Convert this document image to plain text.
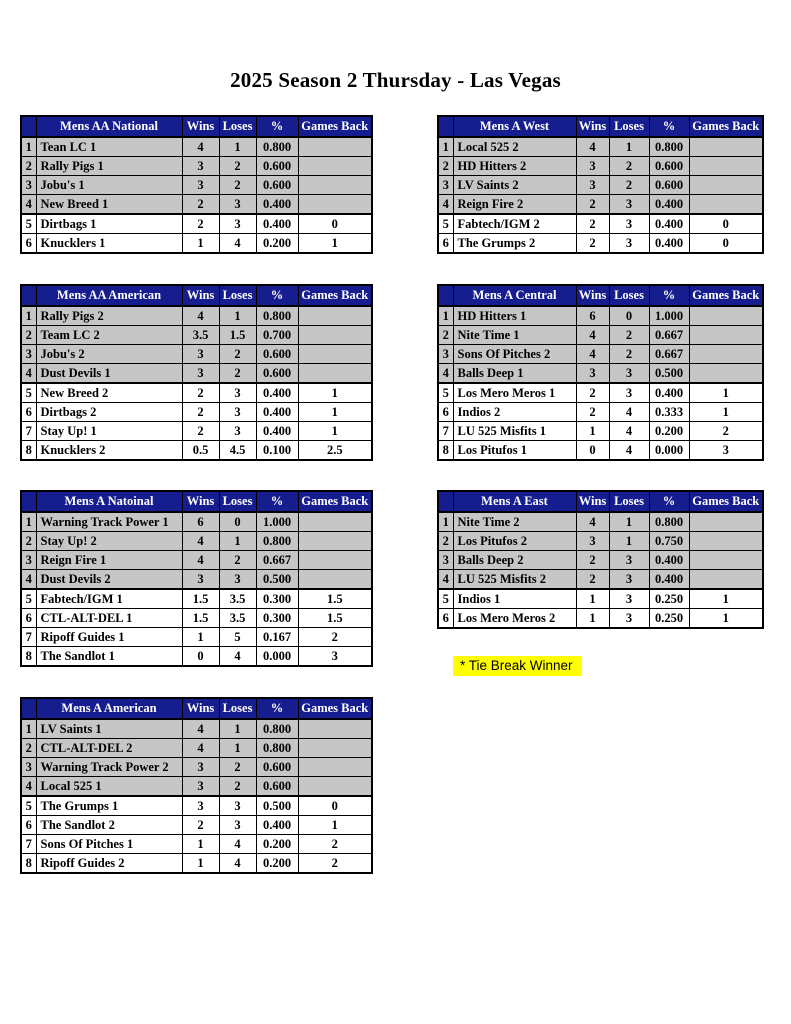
2025 Season 2 Thursday - Las Vegas
	Mens AA National	Wins	Loses	%	Games Back
1	Tean LC 1	4	1	0.800	
2	Rally Pigs 1	3	2	0.600	
3	Jobu's 1	3	2	0.600	
4	New Breed 1	2	3	0.400	
5	Dirtbags 1	2	3	0.400	0
6	Knucklers 1	1	4	0.200	1
	Mens A West	Wins	Loses	%	Games Back
1	Local 525 2	4	1	0.800	
2	HD Hitters 2	3	2	0.600	
3	LV Saints 2	3	2	0.600	
4	Reign Fire 2	2	3	0.400	
5	Fabtech/IGM 2	2	3	0.400	0
6	The Grumps 2	2	3	0.400	0
	Mens AA American	Wins	Loses	%	Games Back
1	Rally Pigs 2	4	1	0.800	
2	Team LC 2	3.5	1.5	0.700	
3	Jobu's 2	3	2	0.600	
4	Dust Devils 1	3	2	0.600	
5	New Breed 2	2	3	0.400	1
6	Dirtbags 2	2	3	0.400	1
7	Stay Up! 1	2	3	0.400	1
8	Knucklers 2	0.5	4.5	0.100	2.5
	Mens A Central	Wins	Loses	%	Games Back
1	HD Hitters 1	6	0	1.000	
2	Nite Time 1	4	2	0.667	
3	Sons Of Pitches 2	4	2	0.667	
4	Balls Deep 1	3	3	0.500	
5	Los Mero Meros 1	2	3	0.400	1
6	Indios 2	2	4	0.333	1
7	LU 525 Misfits 1	1	4	0.200	2
8	Los Pitufos 1	0	4	0.000	3
	Mens A Natoinal	Wins	Loses	%	Games Back
1	Warning Track Power 1	6	0	1.000	
2	Stay Up! 2	4	1	0.800	
3	Reign Fire 1	4	2	0.667	
4	Dust Devils 2	3	3	0.500	
5	Fabtech/IGM 1	1.5	3.5	0.300	1.5
6	CTL-ALT-DEL 1	1.5	3.5	0.300	1.5
7	Ripoff Guides 1	1	5	0.167	2
8	The Sandlot 1	0	4	0.000	3
	Mens A East	Wins	Loses	%	Games Back
1	Nite Time 2	4	1	0.800	
2	Los Pitufos 2	3	1	0.750	
3	Balls Deep 2	2	3	0.400	
4	LU 525 Misfits 2	2	3	0.400	
5	Indios 1	1	3	0.250	1
6	Los Mero Meros 2	1	3	0.250	1
	Mens A American	Wins	Loses	%	Games Back
1	LV Saints 1	4	1	0.800	
2	CTL-ALT-DEL 2	4	1	0.800	
3	Warning Track Power 2	3	2	0.600	
4	Local 525 1	3	2	0.600	
5	The Grumps 1	3	3	0.500	0
6	The Sandlot 2	2	3	0.400	1
7	Sons Of Pitches 1	1	4	0.200	2
8	Ripoff Guides 2	1	4	0.200	2
* Tie Break Winner
